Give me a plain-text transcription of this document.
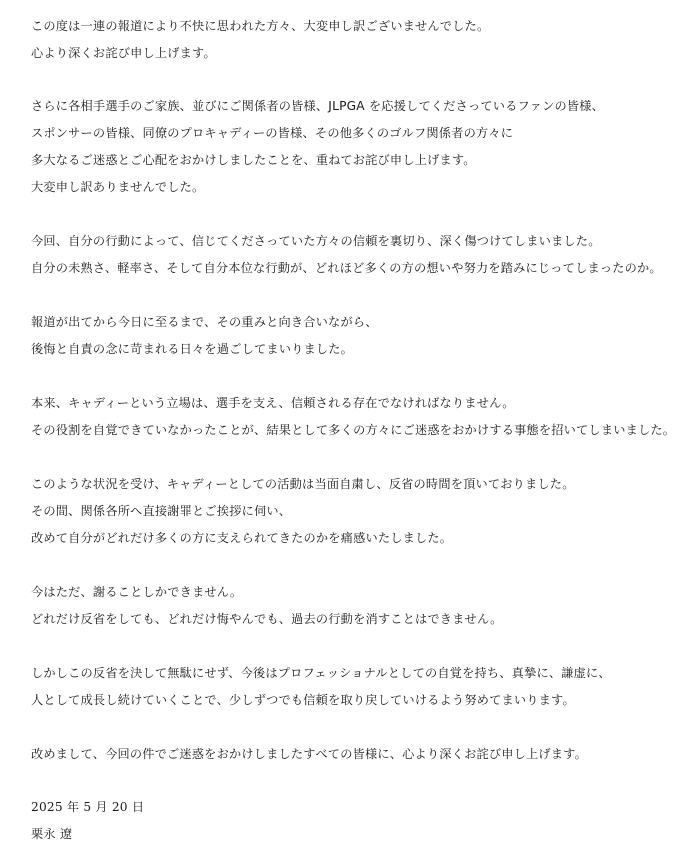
この度は一連の報道により不快に思われた方々、大変申し訳ございませんでした。
心より深くお詫び申し上げます。
さらに各相手選手のご家族、並びにご関係者の皆様、JLPGA を応援してくださっているファンの皆様、
スポンサーの皆様、同僚のプロキャディーの皆様、その他多くのゴルフ関係者の方々に
多大なるご迷惑とご心配をおかけしましたことを、重ねてお詫び申し上げます。
大変申し訳ありませんでした。
今回、自分の行動によって、信じてくださっていた方々の信頼を裏切り、深く傷つけてしまいました。
自分の未熟さ、軽率さ、そして自分本位な行動が、どれほど多くの方の想いや努力を踏みにじってしまったのか。
報道が出てから今日に至るまで、その重みと向き合いながら、
後悔と自責の念に苛まれる日々を過ごしてまいりました。
本来、キャディーという立場は、選手を支え、信頼される存在でなければなりません。
その役割を自覚できていなかったことが、結果として多くの方々にご迷惑をおかけする事態を招いてしまいました。
このような状況を受け、キャディーとしての活動は当面自粛し、反省の時間を頂いておりました。
その間、関係各所へ直接謝罪とご挨拶に伺い、
改めて自分がどれだけ多くの方に支えられてきたのかを痛感いたしました。
今はただ、謝ることしかできません。
どれだけ反省をしても、どれだけ悔やんでも、過去の行動を消すことはできません。
しかしこの反省を決して無駄にせず、今後はプロフェッショナルとしての自覚を持ち、真摯に、謙虚に、
人として成長し続けていくことで、少しずつでも信頼を取り戻していけるよう努めてまいります。
改めまして、今回の件でご迷惑をおかけしましたすべての皆様に、心より深くお詫び申し上げます。
2025 年 5 月 20 日
栗永 遼
